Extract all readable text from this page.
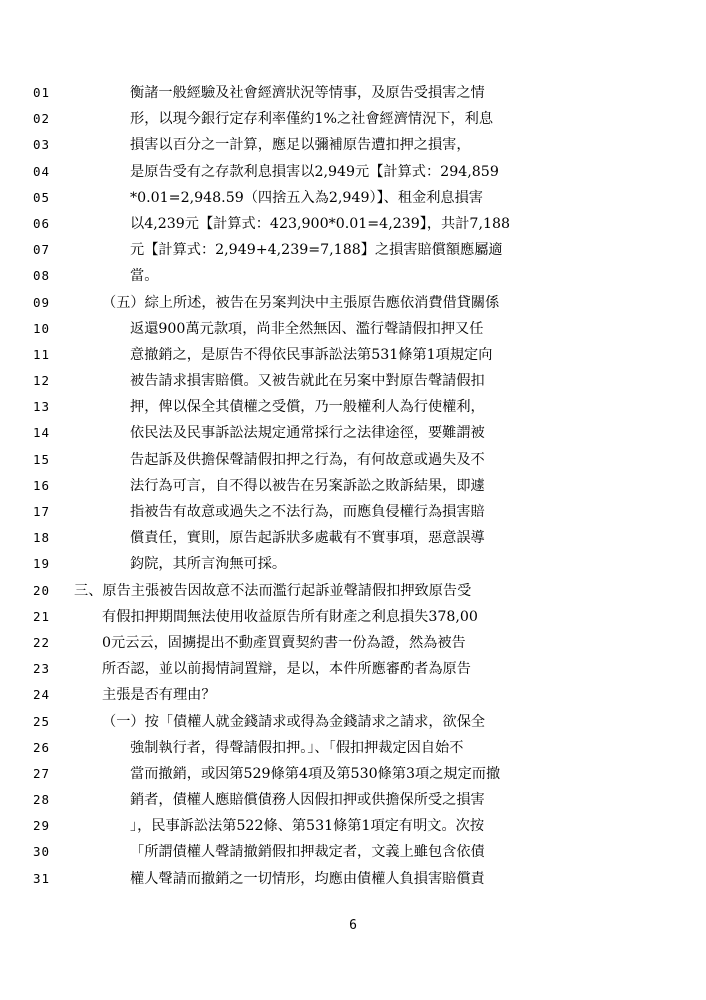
01	衡諸一般經驗及社會經濟狀況等情事，及原告受損害之情
02	形，以現今銀行定存利率僅約1%之社會經濟情況下，利息
03	損害以百分之一計算，應足以彌補原告遭扣押之損害，
04	是原告受有之存款利息損害以2,949元【計算式：294,859
05	*0.01=2,948.59（四捨五入為2,949）】、租金利息損害
06	以4,239元【計算式：423,900*0.01=4,239】，共計7,188
07	元【計算式：2,949+4,239=7,188】之損害賠償額應屬適
08	當。
09	（五）綜上所述，被告在另案判決中主張原告應依消費借貸關係
10	返還900萬元款項，尚非全然無因、濫行聲請假扣押又任
11	意撤銷之，是原告不得依民事訴訟法第531條第1項規定向
12	被告請求損害賠償。又被告就此在另案中對原告聲請假扣
13	押，俾以保全其債權之受償，乃一般權利人為行使權利，
14	依民法及民事訴訟法規定通常採行之法律途徑，要難謂被
15	告起訴及供擔保聲請假扣押之行為，有何故意或過失及不
16	法行為可言，自不得以被告在另案訴訟之敗訴結果，即遽
17	指被告有故意或過失之不法行為，而應負侵權行為損害賠
18	償責任，實則，原告起訴狀多處載有不實事項，惡意誤導
19	鈞院，其所言洵無可採。
20	三、原告主張被告因故意不法而濫行起訴並聲請假扣押致原告受
21	有假扣押期間無法使用收益原告所有財產之利息損失378,00
22	0元云云，固擄提出不動產買賣契約書一份為證，然為被告
23	所否認，並以前揭情詞置辯，是以，本件所應審酌者為原告
24	主張是否有理由？
25	（一）按「債權人就金錢請求或得為金錢請求之請求，欲保全
26	強制執行者，得聲請假扣押。」、「假扣押裁定因自始不
27	當而撤銷，或因第529條第4項及第530條第3項之規定而撤
28	銷者，債權人應賠償債務人因假扣押或供擔保所受之損害
29	」，民事訴訟法第522條、第531條第1項定有明文。次按
30	「所謂債權人聲請撤銷假扣押裁定者，文義上雖包含依債
31	權人聲請而撤銷之一切情形，均應由債權人負損害賠償責
6
